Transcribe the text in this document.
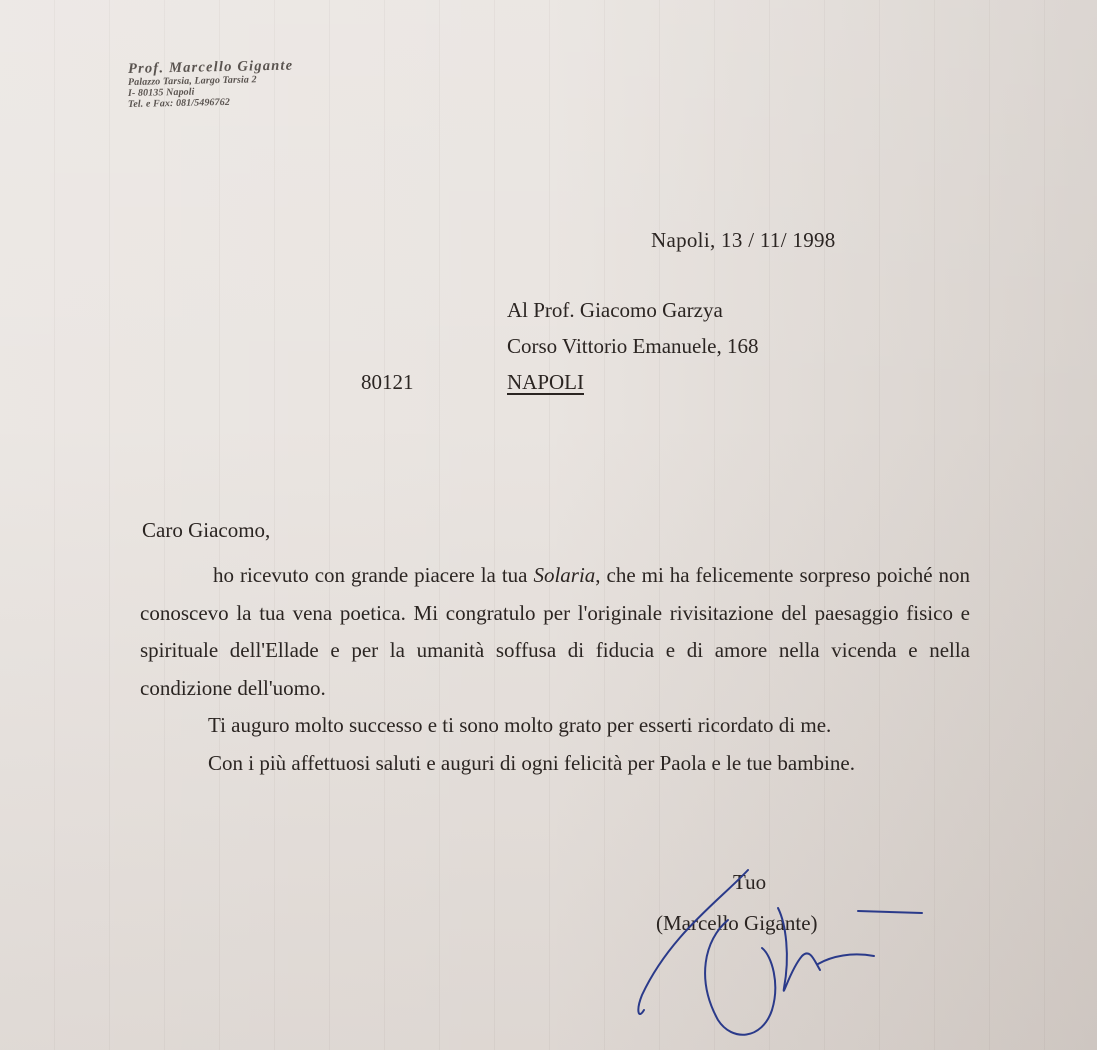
Prof. Marcello Gigante
Palazzo Tarsia, Largo Tarsia 2
I- 80135 Napoli
Tel. e Fax: 081/5496762
Napoli, 13 / 11/ 1998
Al Prof. Giacomo Garzya
Corso Vittorio Emanuele, 168
80121	NAPOLI
Caro Giacomo,

ho ricevuto con grande piacere la tua Solaria, che mi ha felicemente sorpreso poiché non conoscevo la tua vena poetica. Mi congratulo per l'originale rivisitazione del paesaggio fisico e spirituale dell'Ellade e per la umanità soffusa di fiducia e di amore nella vicenda e nella condizione dell'uomo.

Ti auguro molto successo e ti sono molto grato per esserti ricordato di me.

Con i più affettuosi saluti e auguri di ogni felicità per Paola e le tue bambine.

Tuo
(Marcello Gigante)
